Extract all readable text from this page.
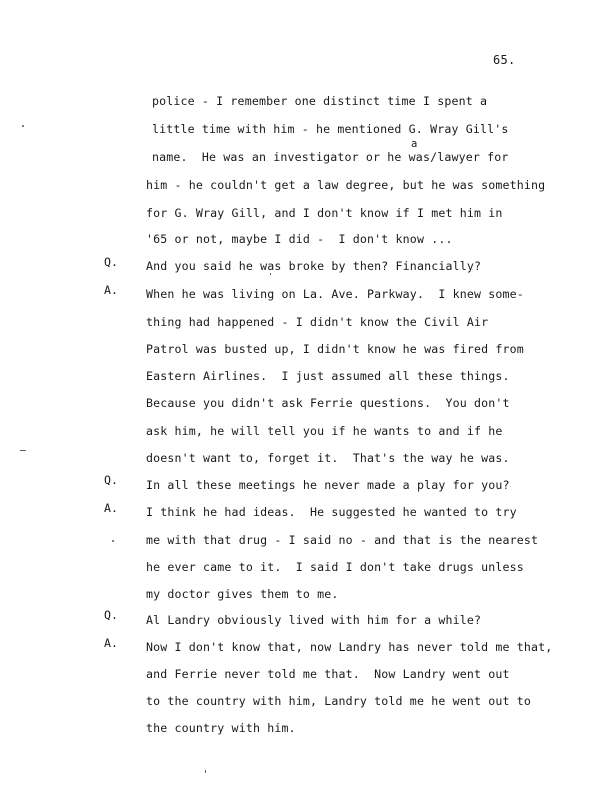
65.
a
Q.
A.
Q.
A.
Q.
A.
police - I remember one distinct time I spent a
little time with him - he mentioned G. Wray Gill's
name.  He was an investigator or he was/lawyer for
him - he couldn't get a law degree, but he was something
for G. Wray Gill, and I don't know if I met him in
'65 or not, maybe I did -  I don't know ...
And you said he was broke by then? Financially?
When he was living on La. Ave. Parkway.  I knew some-
thing had happened - I didn't know the Civil Air
Patrol was busted up, I didn't know he was fired from
Eastern Airlines.  I just assumed all these things.
Because you didn't ask Ferrie questions.  You don't
ask him, he will tell you if he wants to and if he
doesn't want to, forget it.  That's the way he was.
In all these meetings he never made a play for you?
I think he had ideas.  He suggested he wanted to try
me with that drug - I said no - and that is the nearest
he ever came to it.  I said I don't take drugs unless
my doctor gives them to me.
Al Landry obviously lived with him for a while?
Now I don't know that, now Landry has never told me that,
and Ferrie never told me that.  Now Landry went out
to the country with him, Landry told me he went out to
the country with him.
